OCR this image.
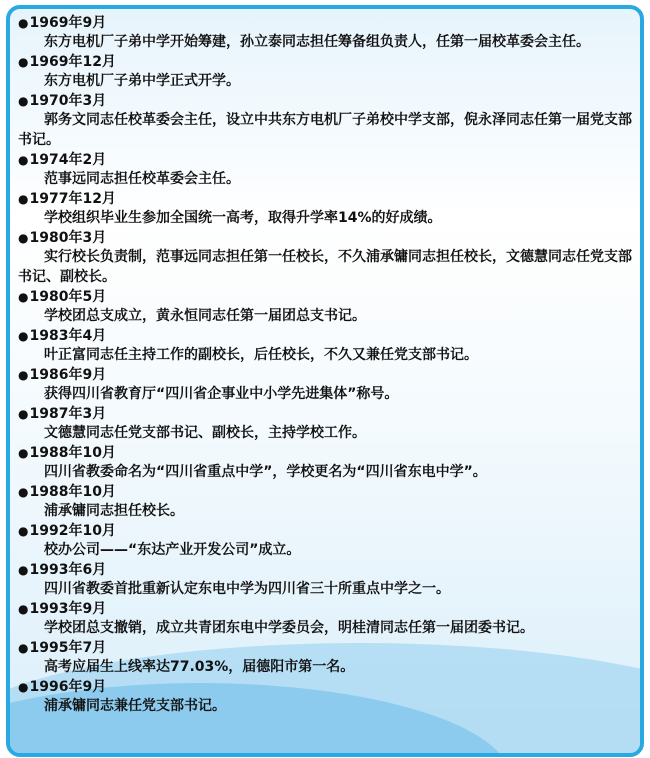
●1969年9月

东方电机厂子弟中学开始筹建，孙立泰同志担任筹备组负责人，任第一届校革委会主任。

●1969年12月

东方电机厂子弟中学正式开学。

●1970年3月

郭务文同志任校革委会主任，设立中共东方电机厂子弟校中学支部，倪永泽同志任第一届党支部书记。

●1974年2月

范事远同志担任校革委会主任。

●1977年12月

学校组织毕业生参加全国统一高考，取得升学率14%的好成绩。

●1980年3月

实行校长负责制，范事远同志担任第一任校长，不久浦承镛同志担任校长，文德慧同志任党支部书记、副校长。

●1980年5月

学校团总支成立，黄永恒同志任第一届团总支书记。

●1983年4月

叶正富同志任主持工作的副校长，后任校长，不久又兼任党支部书记。

●1986年9月

获得四川省教育厅“四川省企事业中小学先进集体”称号。

●1987年3月

文德慧同志任党支部书记、副校长，主持学校工作。

●1988年10月

四川省教委命名为“四川省重点中学”，学校更名为“四川省东电中学”。

●1988年10月

浦承镛同志担任校长。

●1992年10月

校办公司——“东达产业开发公司”成立。

●1993年6月

四川省教委首批重新认定东电中学为四川省三十所重点中学之一。

●1993年9月

学校团总支撤销，成立共青团东电中学委员会，明桂清同志任第一届团委书记。

●1995年7月

高考应届生上线率达77.03%，届德阳市第一名。

●1996年9月

浦承镛同志兼任党支部书记。
